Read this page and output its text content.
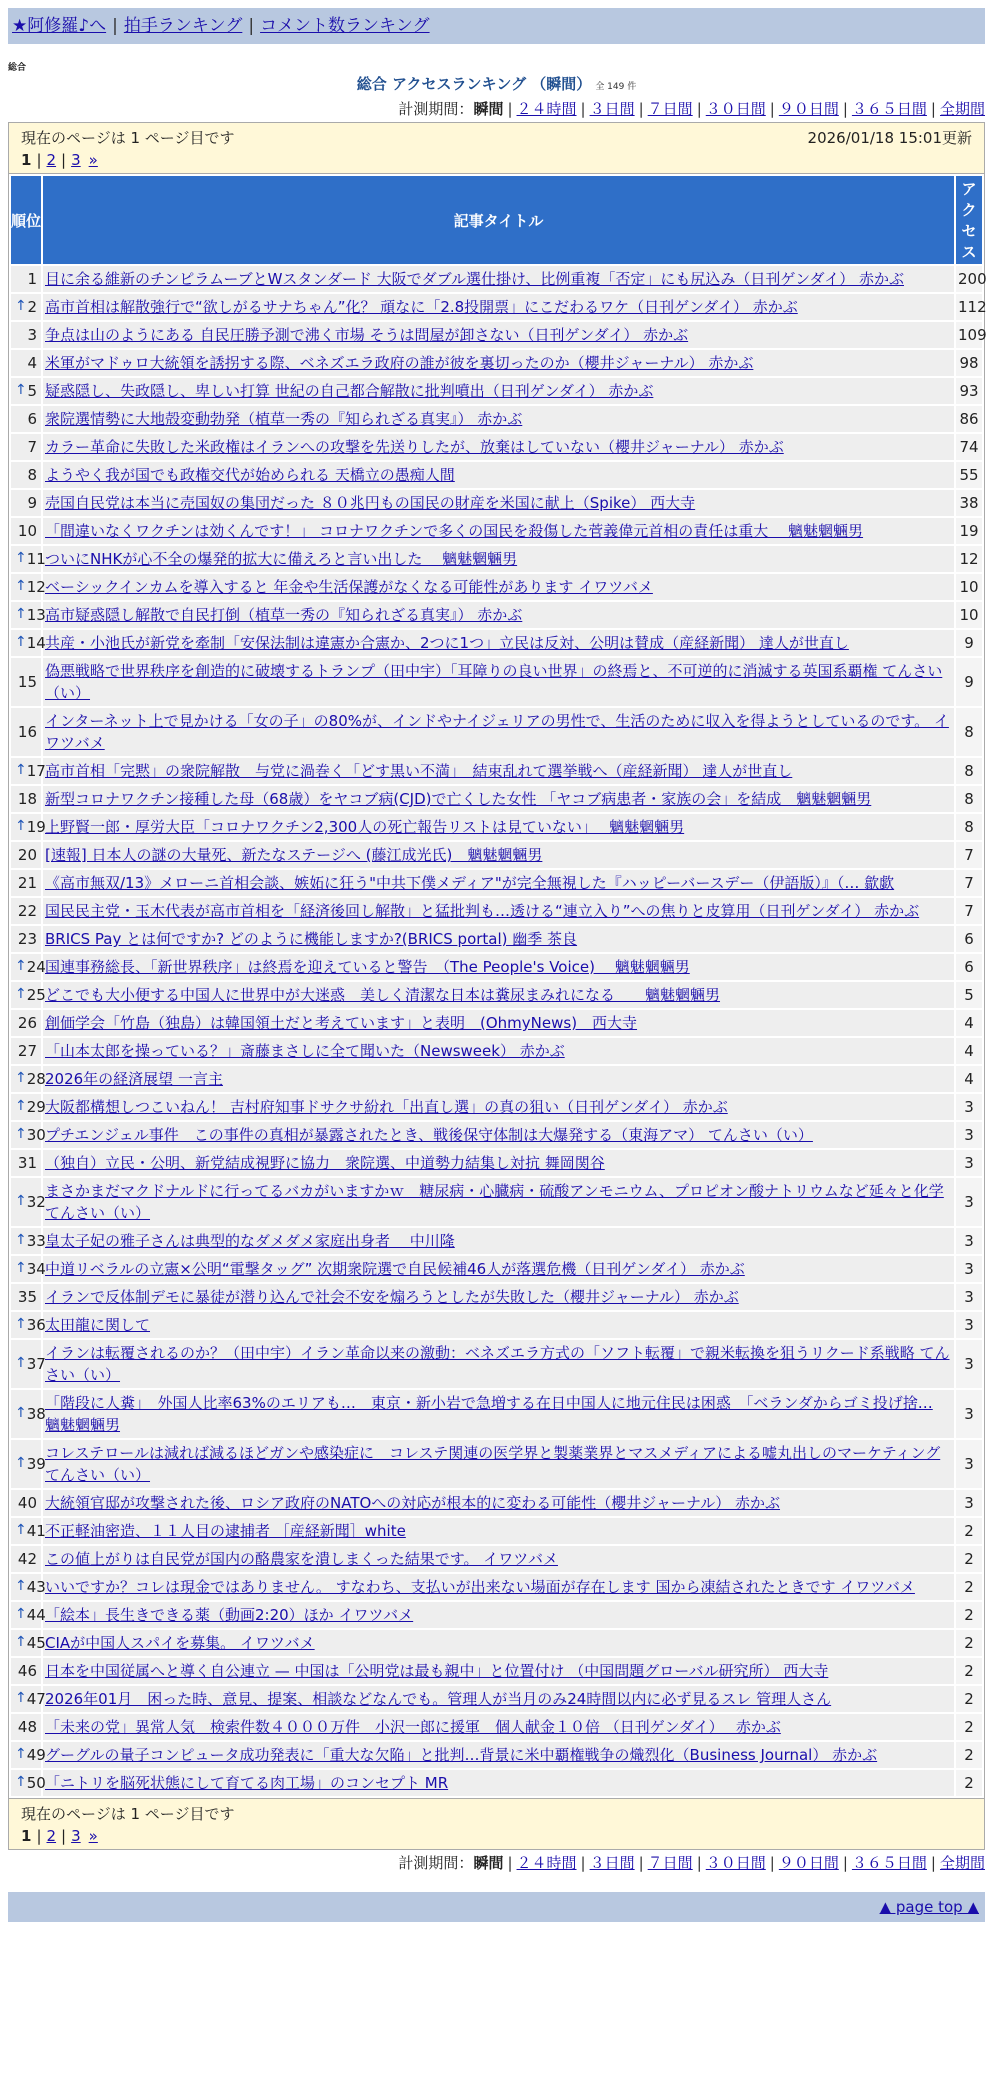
★阿修羅♪へ | 拍手ランキング | コメント数ランキング
総合
総合 アクセスランキング （瞬間） 全 149 件
計測期間：瞬間 | ２４時間 | ３日間 | ７日間 | ３０日間 | ９０日間 | ３６５日間 | 全期間
現在のページは 1 ページ目です	2026/01/18 15:01更新
1 | 2 | 3 »
順位	記事タイトル	アクセス
1	目に余る維新のチンピラムーブとWスタンダード 大阪でダブル選仕掛け、比例重複「否定」にも尻込み（日刊ゲンダイ） 赤かぶ	200

↑ 2	高市首相は解散強行で“欲しがるサナちゃん”化？ 頑なに「2.8投開票」にこだわるワケ（日刊ゲンダイ） 赤かぶ	112
3	争点は山のようにある 自民圧勝予測で沸く市場 そうは問屋が卸さない（日刊ゲンダイ） 赤かぶ	109
4	米軍がマドゥロ大統領を誘拐する際、ベネズエラ政府の誰が彼を裏切ったのか（櫻井ジャーナル） 赤かぶ	98

↑ 5	疑惑隠し、失政隠し、卑しい打算 世紀の自己都合解散に批判噴出（日刊ゲンダイ） 赤かぶ	93
6	衆院選情勢に大地殻変動勃発（植草一秀の『知られざる真実』） 赤かぶ	86
7	カラー革命に失敗した米政権はイランへの攻撃を先送りしたが、放棄はしていない（櫻井ジャーナル） 赤かぶ	74
8	ようやく我が国でも政権交代が始められる 天橋立の愚痴人間	55
9	売国自民党は本当に売国奴の集団だった ８０兆円もの国民の財産を米国に献上（Spike） 西大寺	38
10	「間違いなくワクチンは効くんです！」 コロナワクチンで多くの国民を殺傷した菅義偉元首相の責任は重大　 魑魅魍魎男	19

↑ 11	ついにNHKが心不全の爆発的拡大に備えろと言い出した　 魑魅魍魎男	12

↑ 12	ベーシックインカムを導入すると 年金や生活保護がなくなる可能性があります イワツバメ	10

↑ 13	高市疑惑隠し解散で自民打倒（植草一秀の『知られざる真実』） 赤かぶ	10

↑ 14	共産・小池氏が新党を牽制「安保法制は違憲か合憲か、2つに1つ」立民は反対、公明は賛成（産経新聞） 達人が世直し	9
15	偽悪戦略で世界秩序を創造的に破壊するトランプ（田中宇）「耳障りの良い世界」の終焉と、不可逆的に消滅する英国系覇権 てんさい（い）	9
16	インターネット上で見かける「女の子」の80%が、インドやナイジェリアの男性で、生活のために収入を得ようとしているのです。 イワツバメ	8

↑ 17	高市首相「完黙」の衆院解散　与党に渦巻く「どす黒い不満」　結束乱れて選挙戦へ（産経新聞） 達人が世直し	8
18	新型コロナワクチン接種した母（68歳）をヤコブ病(CJD)で亡くした女性 「ヤコブ病患者・家族の会」を結成　魑魅魍魎男	8

↑ 19	上野賢一郎・厚労大臣「コロナワクチン2,300人の死亡報告リストは見ていない」　 魑魅魍魎男	8
20	[速報] 日本人の謎の大量死、新たなステージへ (藤江成光氏)　魑魅魍魎男	7
21	《高市無双/13》メローニ首相会談、嫉妬に狂う"中共下僕メディア"が完全無視した『ハッピーバースデー（伊語版）』（… 歙歔	7
22	国民民主党・玉木代表が高市首相を「経済後回し解散」と猛批判も…透ける“連立入り”への焦りと皮算用（日刊ゲンダイ） 赤かぶ	7
23	BRICS Pay とは何ですか? どのように機能しますか?(BRICS portal) 幽季 茶良	6

↑ 24	国連事務総長、「新世界秩序」は終焉を迎えていると警告　（The People's Voice)　 魑魅魍魎男	6

↑ 25	どこでも大小便する中国人に世界中が大迷惑　美しく清潔な日本は糞尿まみれになる　　魑魅魍魎男	5
26	創価学会「竹島（独島）は韓国領土だと考えています」と表明　(OhmyNews)　西大寺	4
27	「山本太郎を操っている？」斎藤まさしに全て聞いた（Newsweek） 赤かぶ	4

↑ 28	2026年の経済展望 一言主	4

↑ 29	大阪都構想しつこいねん！ 吉村府知事ドサクサ紛れ「出直し選」の真の狙い（日刊ゲンダイ） 赤かぶ	3

↑ 30	プチエンジェル事件　この事件の真相が暴露されたとき、戦後保守体制は大爆発する（東海アマ） てんさい（い）	3
31	（独自）立民・公明、新党結成視野に協力　衆院選、中道勢力結集し対抗 舞岡関谷	3

↑ 32	まさかまだマクドナルドに行ってるバカがいますかｗ　糖尿病・心臓病・硫酸アンモニウム、プロピオン酸ナトリウムなど延々と化学 てんさい（い）	3

↑ 33	皇太子妃の雅子さんは典型的なダメダメ家庭出身者　 中川隆	3

↑ 34	中道リベラルの立憲×公明“電撃タッグ” 次期衆院選で自民候補46人が落選危機（日刊ゲンダイ） 赤かぶ	3
35	イランで反体制デモに暴徒が潜り込んで社会不安を煽ろうとしたが失敗した（櫻井ジャーナル） 赤かぶ	3

↑ 36	太田龍に関して	3

↑ 37	イランは転覆されるのか？（田中宇）イラン革命以来の激動：ベネズエラ方式の「ソフト転覆」で親米転換を狙うリクード系戦略 てんさい（い）	3

↑ 38	「階段に人糞」　外国人比率63%のエリアも…　東京・新小岩で急増する在日中国人に地元住民は困惑　「ベランダからゴミ投げ捨… 魑魅魍魎男	3

↑ 39	コレステロールは減れば減るほどガンや感染症に　コレステ関連の医学界と製薬業界とマスメディアによる嘘丸出しのマーケティング てんさい（い）	3
40	大統領官邸が攻撃された後、ロシア政府のNATOへの対応が根本的に変わる可能性（櫻井ジャーナル） 赤かぶ	3

↑ 41	不正軽油密造、１１人目の逮捕者 ［産経新聞］white	2
42	この値上がりは自民党が国内の酪農家を潰しまくった結果です。 イワツバメ	2

↑ 43	いいですか？コレは現金ではありません。 すなわち、支払いが出来ない場面が存在します 国から凍結されたときです イワツバメ	2

↑ 44	「絵本」長生きできる薬（動画2:20）ほか イワツバメ	2

↑ 45	CIAが中国人スパイを募集。 イワツバメ	2
46	日本を中国従属へと導く自公連立 — 中国は「公明党は最も親中」と位置付け （中国問題グローバル研究所） 西大寺	2

↑ 47	2026年01月　困った時、意見、提案、相談などなんでも。管理人が当月のみ24時間以内に必ず見るスレ 管理人さん	2
48	「未来の党」異常人気　検索件数４０００万件　小沢一郎に援軍　個人献金１０倍 （日刊ゲンダイ）　 赤かぶ	2

↑ 49	グーグルの量子コンピュータ成功発表に「重大な欠陥」と批判…背景に米中覇権戦争の熾烈化（Business Journal） 赤かぶ	2

↑ 50	「ニトリを脳死状態にして育てる肉工場」のコンセプト MR	2
現在のページは 1 ページ目です
1 | 2 | 3 »
計測期間：瞬間 | ２４時間 | ３日間 | ７日間 | ３０日間 | ９０日間 | ３６５日間 | 全期間
▲ page top ▲
